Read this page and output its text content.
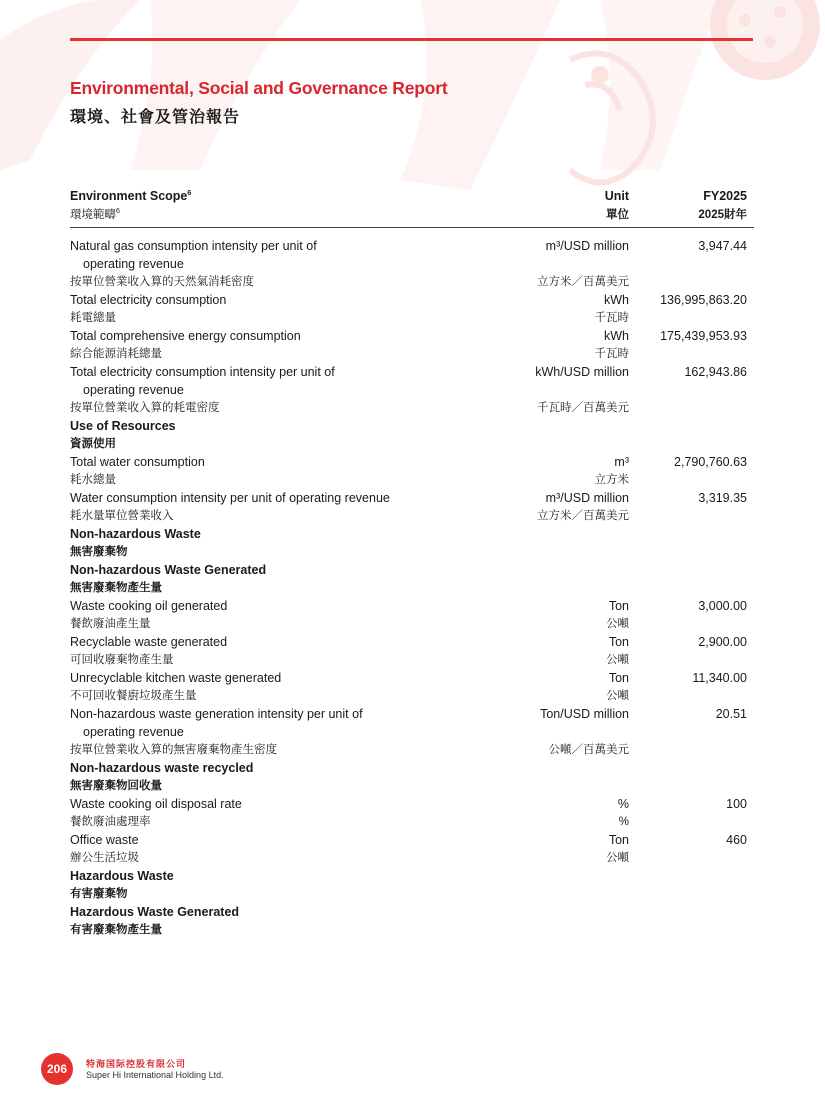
Environmental, Social and Governance Report
環境、社會及管治報告
Environment Scope$^6$
環境範疇$^6$
Unit
單位
FY2025
2025財年
Natural gas consumption intensity per unit of	m³/USD million	3,947.44
operating revenue
按單位營業收入算的天然氣消耗密度	立方米／百萬美元
Total electricity consumption	kWh 136,995,863.20
耗電總量	千瓦時
Total comprehensive energy consumption	kWh 175,439,953.93
綜合能源消耗總量	千瓦時
Total electricity consumption intensity per unit of	kWh/USD million	162,943.86
operating revenue
按單位營業收入算的耗電密度	千瓦時／百萬美元
Use of Resources
資源使用
Total water consumption	m³	2,790,760.63
耗水總量	立方米
Water consumption intensity per unit of operating revenue	m³/USD million	3,319.35
耗水量單位營業收入	立方米／百萬美元
Non-hazardous Waste
無害廢棄物
Non-hazardous Waste Generated
無害廢棄物產生量
Waste cooking oil generated	Ton	3,000.00
餐飲廢油產生量	公噸
Recyclable waste generated	Ton	2,900.00
可回收廢棄物產生量	公噸
Unrecyclable kitchen waste generated	Ton	11,340.00
不可回收餐廚垃圾產生量	公噸
Non-hazardous waste generation intensity per unit of	Ton/USD million	20.51
operating revenue
按單位營業收入算的無害廢棄物產生密度	公噸／百萬美元
Non-hazardous waste recycled
無害廢棄物回收量
Waste cooking oil disposal rate	%	100
餐飲廢油處理率	%
Office waste	Ton	460
辦公生活垃圾	公噸
Hazardous Waste
有害廢棄物
Hazardous Waste Generated
有害廢棄物產生量
206	特海国际控股有限公司
Super Hi International Holding Ltd.
